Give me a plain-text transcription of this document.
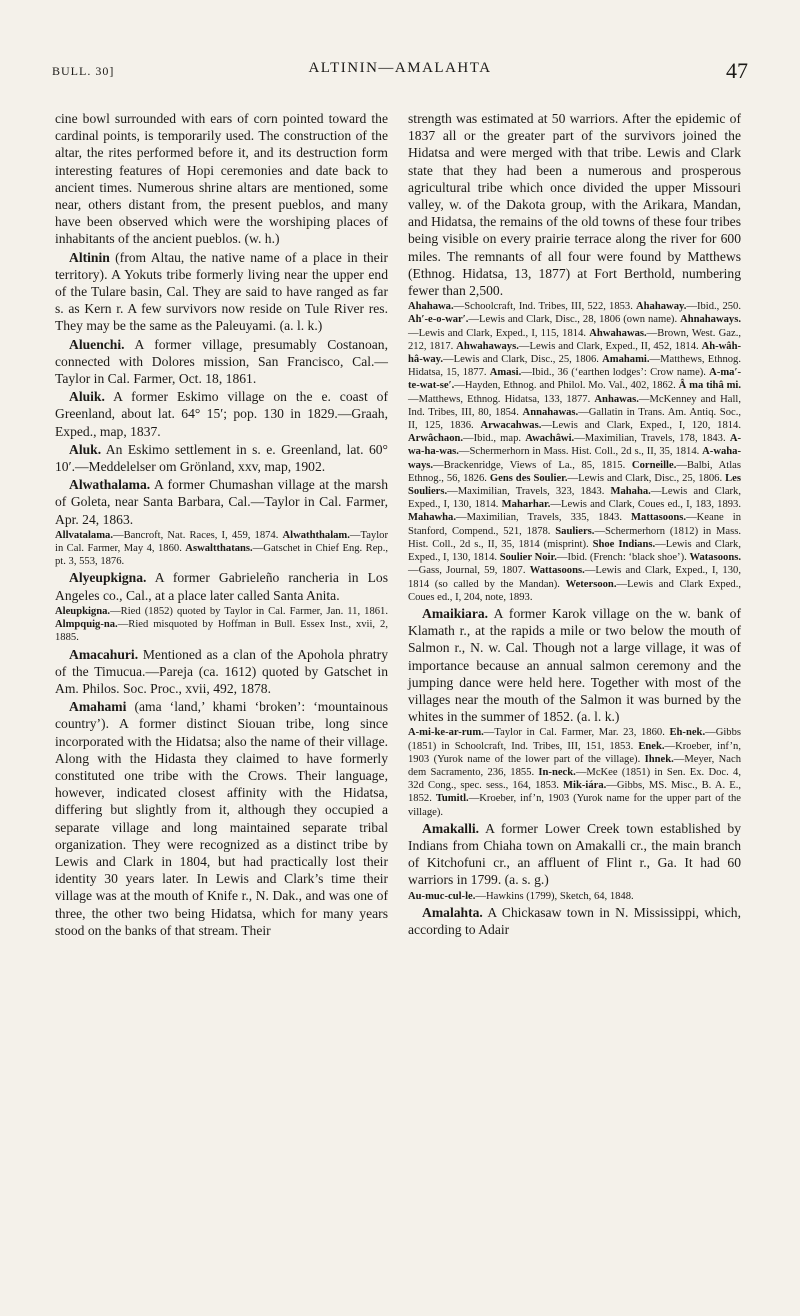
BULL. 30]	ALTININ—AMALAHTA	47

cine bowl surrounded with ears of corn pointed toward the cardinal points, is temporarily used. The construction of the altar, the rites performed before it, and its destruction form interesting features of Hopi ceremonies and date back to ancient times. Numerous shrine altars are mentioned, some near, others distant from, the present pueblos, and many have been observed which were the worshiping places of inhabitants of the ancient pueblos. (w. h.)

Altinin (from Altau, the native name of a place in their territory). A Yokuts tribe formerly living near the upper end of the Tulare basin, Cal. They are said to have ranged as far s. as Kern r. A few survivors now reside on Tule River res. They may be the same as the Paleuyami. (a. l. k.)

Aluenchi. A former village, presumably Costanoan, connected with Dolores mission, San Francisco, Cal.—Taylor in Cal. Farmer, Oct. 18, 1861.

Aluik. A former Eskimo village on the e. coast of Greenland, about lat. 64° 15′; pop. 130 in 1829.—Graah, Exped., map, 1837.

Aluk. An Eskimo settlement in s. e. Greenland, lat. 60° 10′.—Meddelelser om Grönland, xxv, map, 1902.

Alwathalama. A former Chumashan village at the marsh of Goleta, near Santa Barbara, Cal.—Taylor in Cal. Farmer, Apr. 24, 1863.

Allvatalama.—Bancroft, Nat. Races, I, 459, 1874. Alwaththalam.—Taylor in Cal. Farmer, May 4, 1860. Aswaltthatans.—Gatschet in Chief Eng. Rep., pt. 3, 553, 1876.

Alyeupkigna. A former Gabrieleño rancheria in Los Angeles co., Cal., at a place later called Santa Anita.

Aleupkigna.—Ried (1852) quoted by Taylor in Cal. Farmer, Jan. 11, 1861. Almpquig-na.—Ried misquoted by Hoffman in Bull. Essex Inst., xvii, 2, 1885.

Amacahuri. Mentioned as a clan of the Apohola phratry of the Timucua.—Pareja (ca. 1612) quoted by Gatschet in Am. Philos. Soc. Proc., xvii, 492, 1878.

Amahami (ama ‘land,’ khami ‘broken’: ‘mountainous country’). A former distinct Siouan tribe, long since incorporated with the Hidatsa; also the name of their village. Along with the Hidasta they claimed to have formerly constituted one tribe with the Crows. Their language, however, indicated closest affinity with the Hidatsa, differing but slightly from it, although they occupied a separate village and long maintained separate tribal organization. They were recognized as a distinct tribe by Lewis and Clark in 1804, but had practically lost their identity 30 years later. In Lewis and Clark’s time their village was at the mouth of Knife r., N. Dak., and was one of three, the other two being Hidatsa, which for many years stood on the banks of that stream. Their

strength was estimated at 50 warriors. After the epidemic of 1837 all or the greater part of the survivors joined the Hidatsa and were merged with that tribe. Lewis and Clark state that they had been a numerous and prosperous agricultural tribe which once divided the upper Missouri valley, w. of the Dakota group, with the Arikara, Mandan, and Hidatsa, the remains of the old towns of these four tribes being visible on every prairie terrace along the river for 600 miles. The remnants of all four were found by Matthews (Ethnog. Hidatsa, 13, 1877) at Fort Berthold, numbering fewer than 2,500.

Ahahawa.—Schoolcraft, Ind. Tribes, III, 522, 1853. Ahahaway.—Ibid., 250. Ah′-e-o-war′.—Lewis and Clark, Disc., 28, 1806 (own name). Ahnahaways.—Lewis and Clark, Exped., I, 115, 1814. Ahwahawas.—Brown, West. Gaz., 212, 1817. Ahwahaways.—Lewis and Clark, Exped., II, 452, 1814. Ah-wâh-hâ-way.—Lewis and Clark, Disc., 25, 1806. Amahami.—Matthews, Ethnog. Hidatsa, 15, 1877. Amasi.—Ibid., 36 (‘earthen lodges’: Crow name). A-ma′-te-wat-se′.—Hayden, Ethnog. and Philol. Mo. Val., 402, 1862. Â ma tihâ mi.—Matthews, Ethnog. Hidatsa, 133, 1877. Anhawas.—McKenney and Hall, Ind. Tribes, III, 80, 1854. Annahawas.—Gallatin in Trans. Am. Antiq. Soc., II, 125, 1836. Arwacahwas.—Lewis and Clark, Exped., I, 120, 1814. Arwâchaon.—Ibid., map. Awachâwi.—Maximilian, Travels, 178, 1843. A-wa-ha-was.—Schermerhorn in Mass. Hist. Coll., 2d s., II, 35, 1814. A-waha-ways.—Brackenridge, Views of La., 85, 1815. Corneille.—Balbi, Atlas Ethnog., 56, 1826. Gens des Soulier.—Lewis and Clark, Disc., 25, 1806. Les Souliers.—Maximilian, Travels, 323, 1843. Mahaha.—Lewis and Clark, Exped., I, 130, 1814. Maharhar.—Lewis and Clark, Coues ed., I, 183, 1893. Mahawha.—Maximilian, Travels, 335, 1843. Mattasoons.—Keane in Stanford, Compend., 521, 1878. Sauliers.—Schermerhorn (1812) in Mass. Hist. Coll., 2d s., II, 35, 1814 (misprint). Shoe Indians.—Lewis and Clark, Exped., I, 130, 1814. Soulier Noir.—Ibid. (French: ‘black shoe’). Watasoons.—Gass, Journal, 59, 1807. Wattasoons.—Lewis and Clark, Exped., I, 130, 1814 (so called by the Mandan). Wetersoon.—Lewis and Clark Exped., Coues ed., I, 204, note, 1893.

Amaikiara. A former Karok village on the w. bank of Klamath r., at the rapids a mile or two below the mouth of Salmon r., N. w. Cal. Though not a large village, it was of importance because an annual salmon ceremony and the jumping dance were held here. Together with most of the villages near the mouth of the Salmon it was burned by the whites in the summer of 1852. (a. l. k.)

A-mi-ke-ar-rum.—Taylor in Cal. Farmer, Mar. 23, 1860. Eh-nek.—Gibbs (1851) in Schoolcraft, Ind. Tribes, III, 151, 1853. Enek.—Kroeber, inf’n, 1903 (Yurok name of the lower part of the village). Ihnek.—Meyer, Nach dem Sacramento, 236, 1855. In-neck.—McKee (1851) in Sen. Ex. Doc. 4, 32d Cong., spec. sess., 164, 1853. Mik-iára.—Gibbs, MS. Misc., B. A. E., 1852. Tumitl.—Kroeber, inf’n, 1903 (Yurok name for the upper part of the village).

Amakalli. A former Lower Creek town established by Indians from Chiaha town on Amakalli cr., the main branch of Kitchofuni cr., an affluent of Flint r., Ga. It had 60 warriors in 1799. (a. s. g.)

Au-muc-cul-le.—Hawkins (1799), Sketch, 64, 1848.

Amalahta. A Chickasaw town in N. Mississippi, which, according to Adair
